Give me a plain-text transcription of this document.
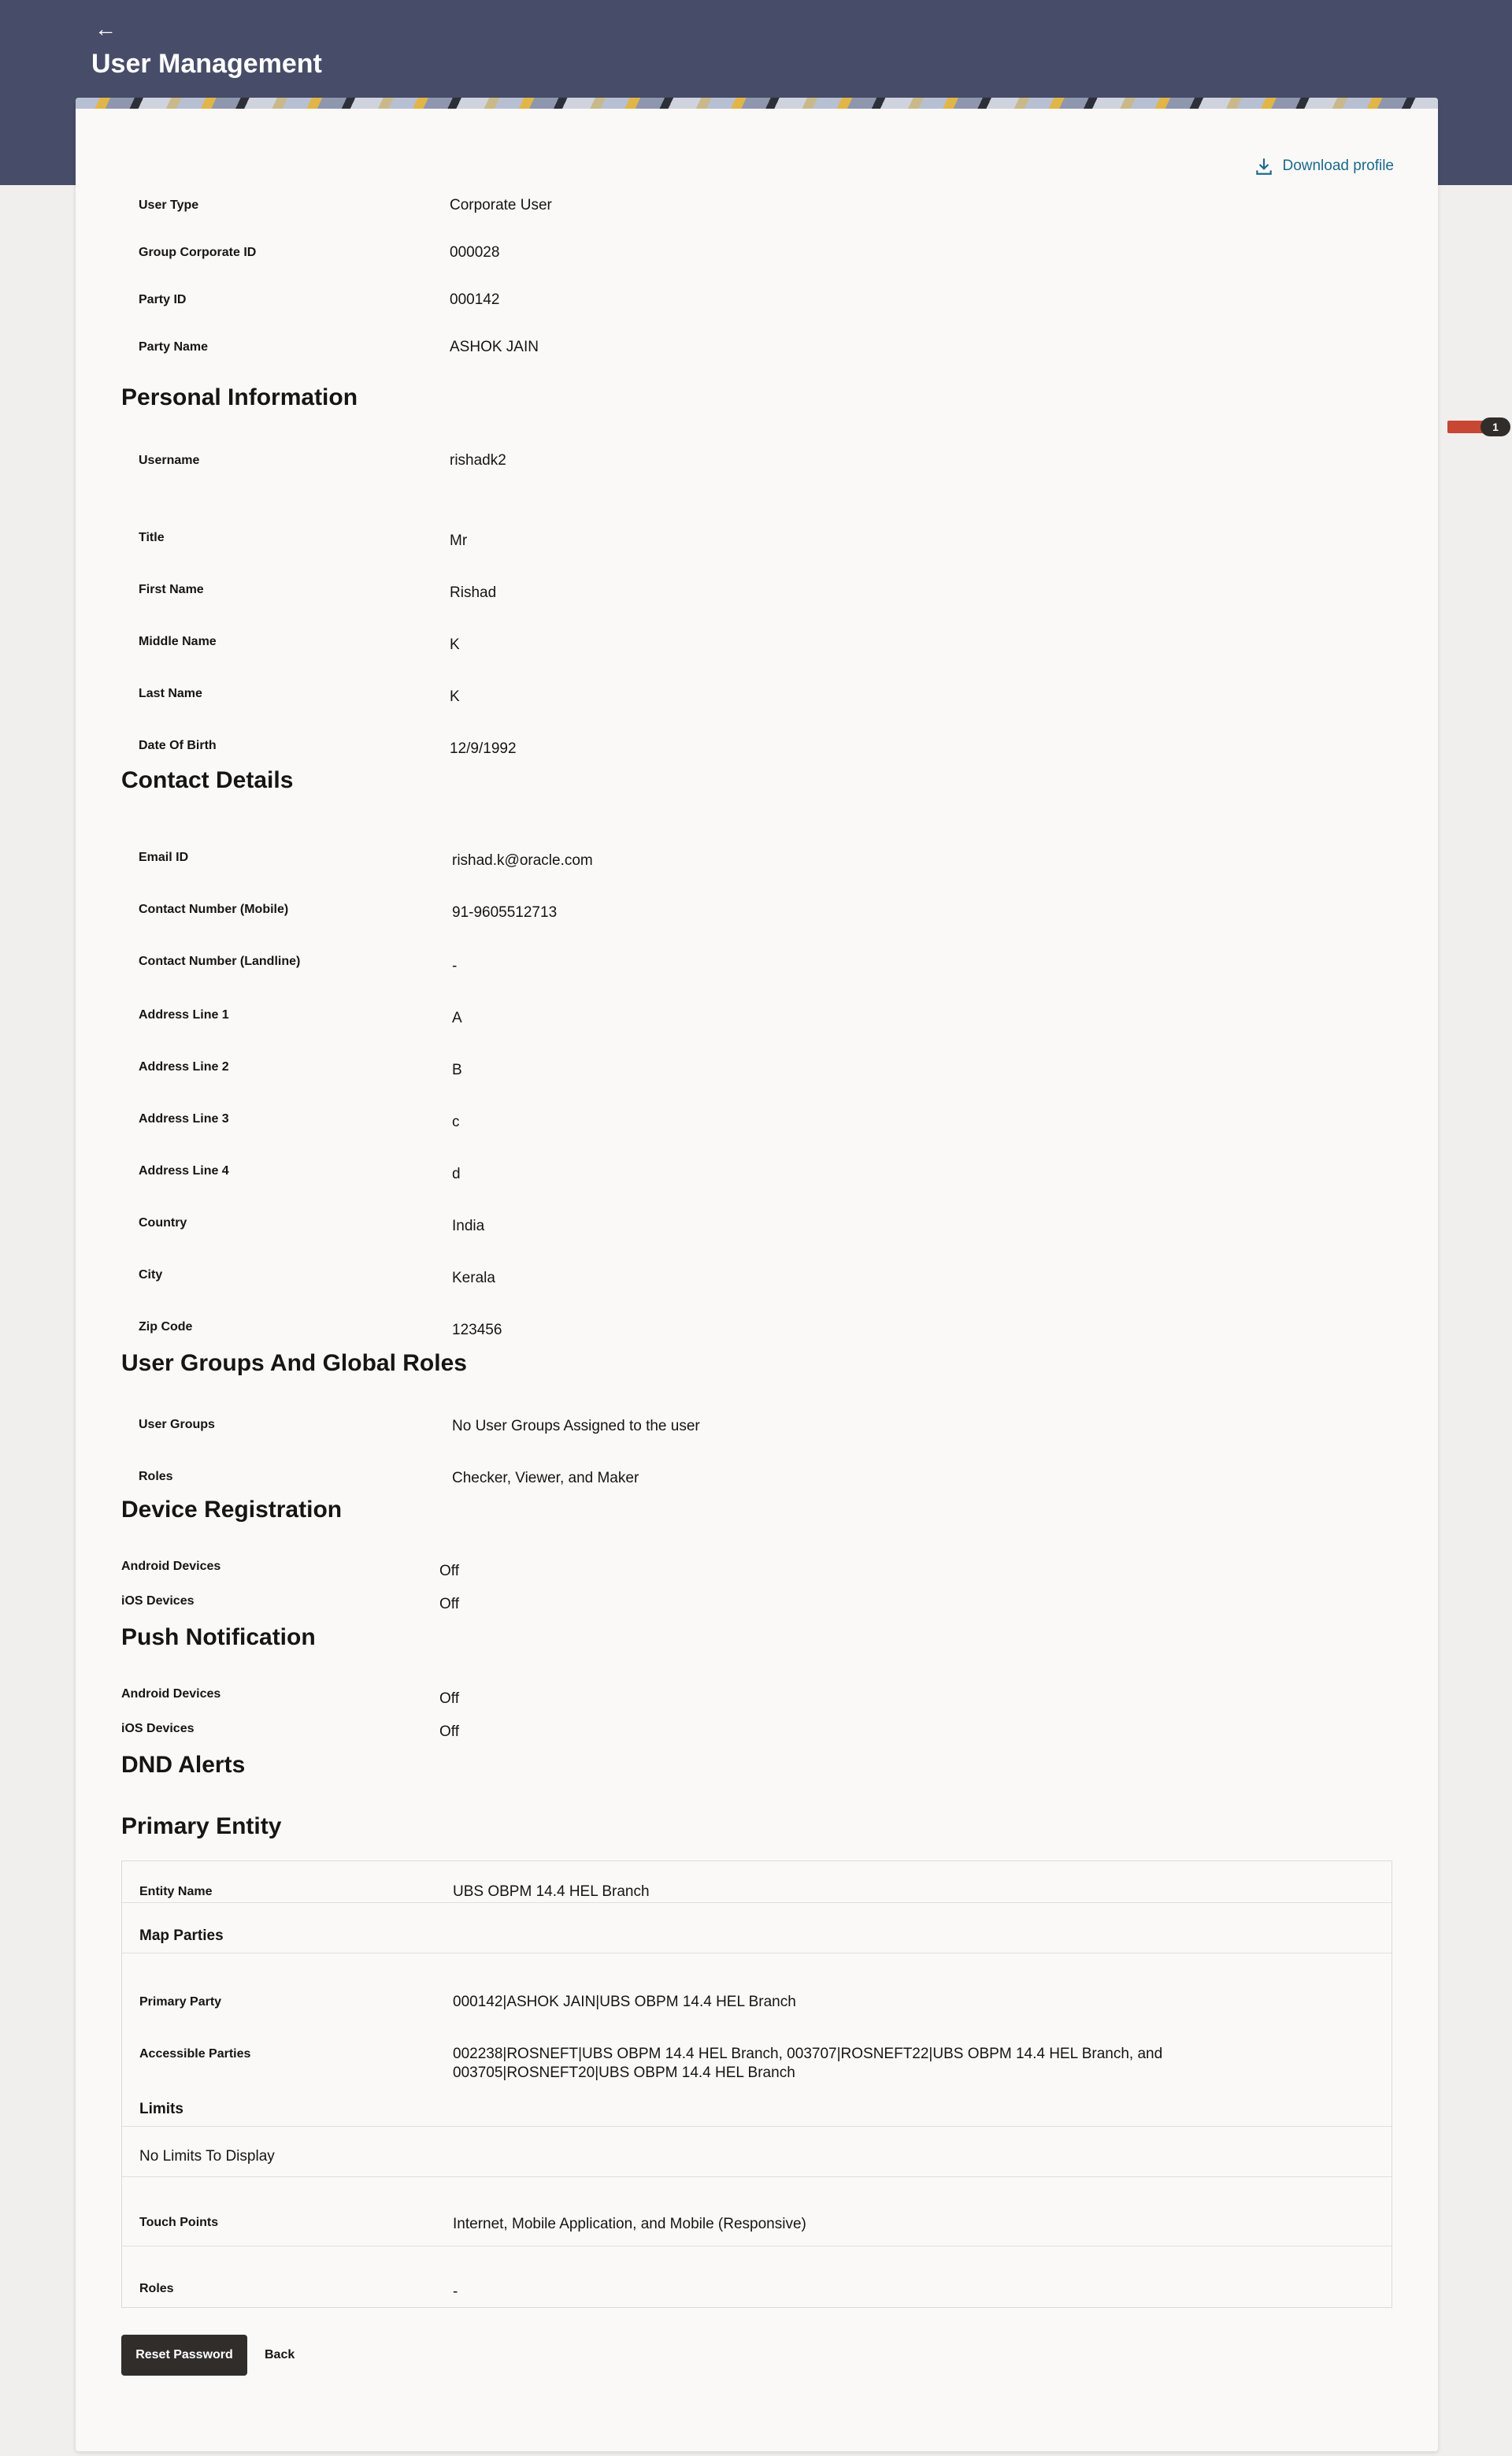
←
User Management
1
Download profile
User Type	Corporate User
Group Corporate ID	000028
Party ID	000142
Party Name	ASHOK JAIN
Personal Information
Username	rishadk2
Title	Mr
First Name	Rishad
Middle Name	K
Last Name	K
Date Of Birth	12/9/1992
Contact Details
Email ID	rishad.k@oracle.com
Contact Number (Mobile)	91-9605512713
Contact Number (Landline)	-
Address Line 1	A
Address Line 2	B
Address Line 3	c
Address Line 4	d
Country	India
City	Kerala
Zip Code	123456
User Groups And Global Roles
User Groups	No User Groups Assigned to the user
Roles	Checker, Viewer, and Maker
Device Registration
Android Devices	Off
iOS Devices	Off
Push Notification
Android Devices	Off
iOS Devices	Off
DND Alerts
Primary Entity
Entity Name	UBS OBPM 14.4 HEL Branch
Map Parties
Primary Party	000142|ASHOK JAIN|UBS OBPM 14.4 HEL Branch
Accessible Parties	002238|ROSNEFT|UBS OBPM 14.4 HEL Branch, 003707|ROSNEFT22|UBS OBPM 14.4 HEL Branch, and
003705|ROSNEFT20|UBS OBPM 14.4 HEL Branch
Limits
No Limits To Display
Touch Points	Internet, Mobile Application, and Mobile (Responsive)
Roles	-
Reset Password	Back
